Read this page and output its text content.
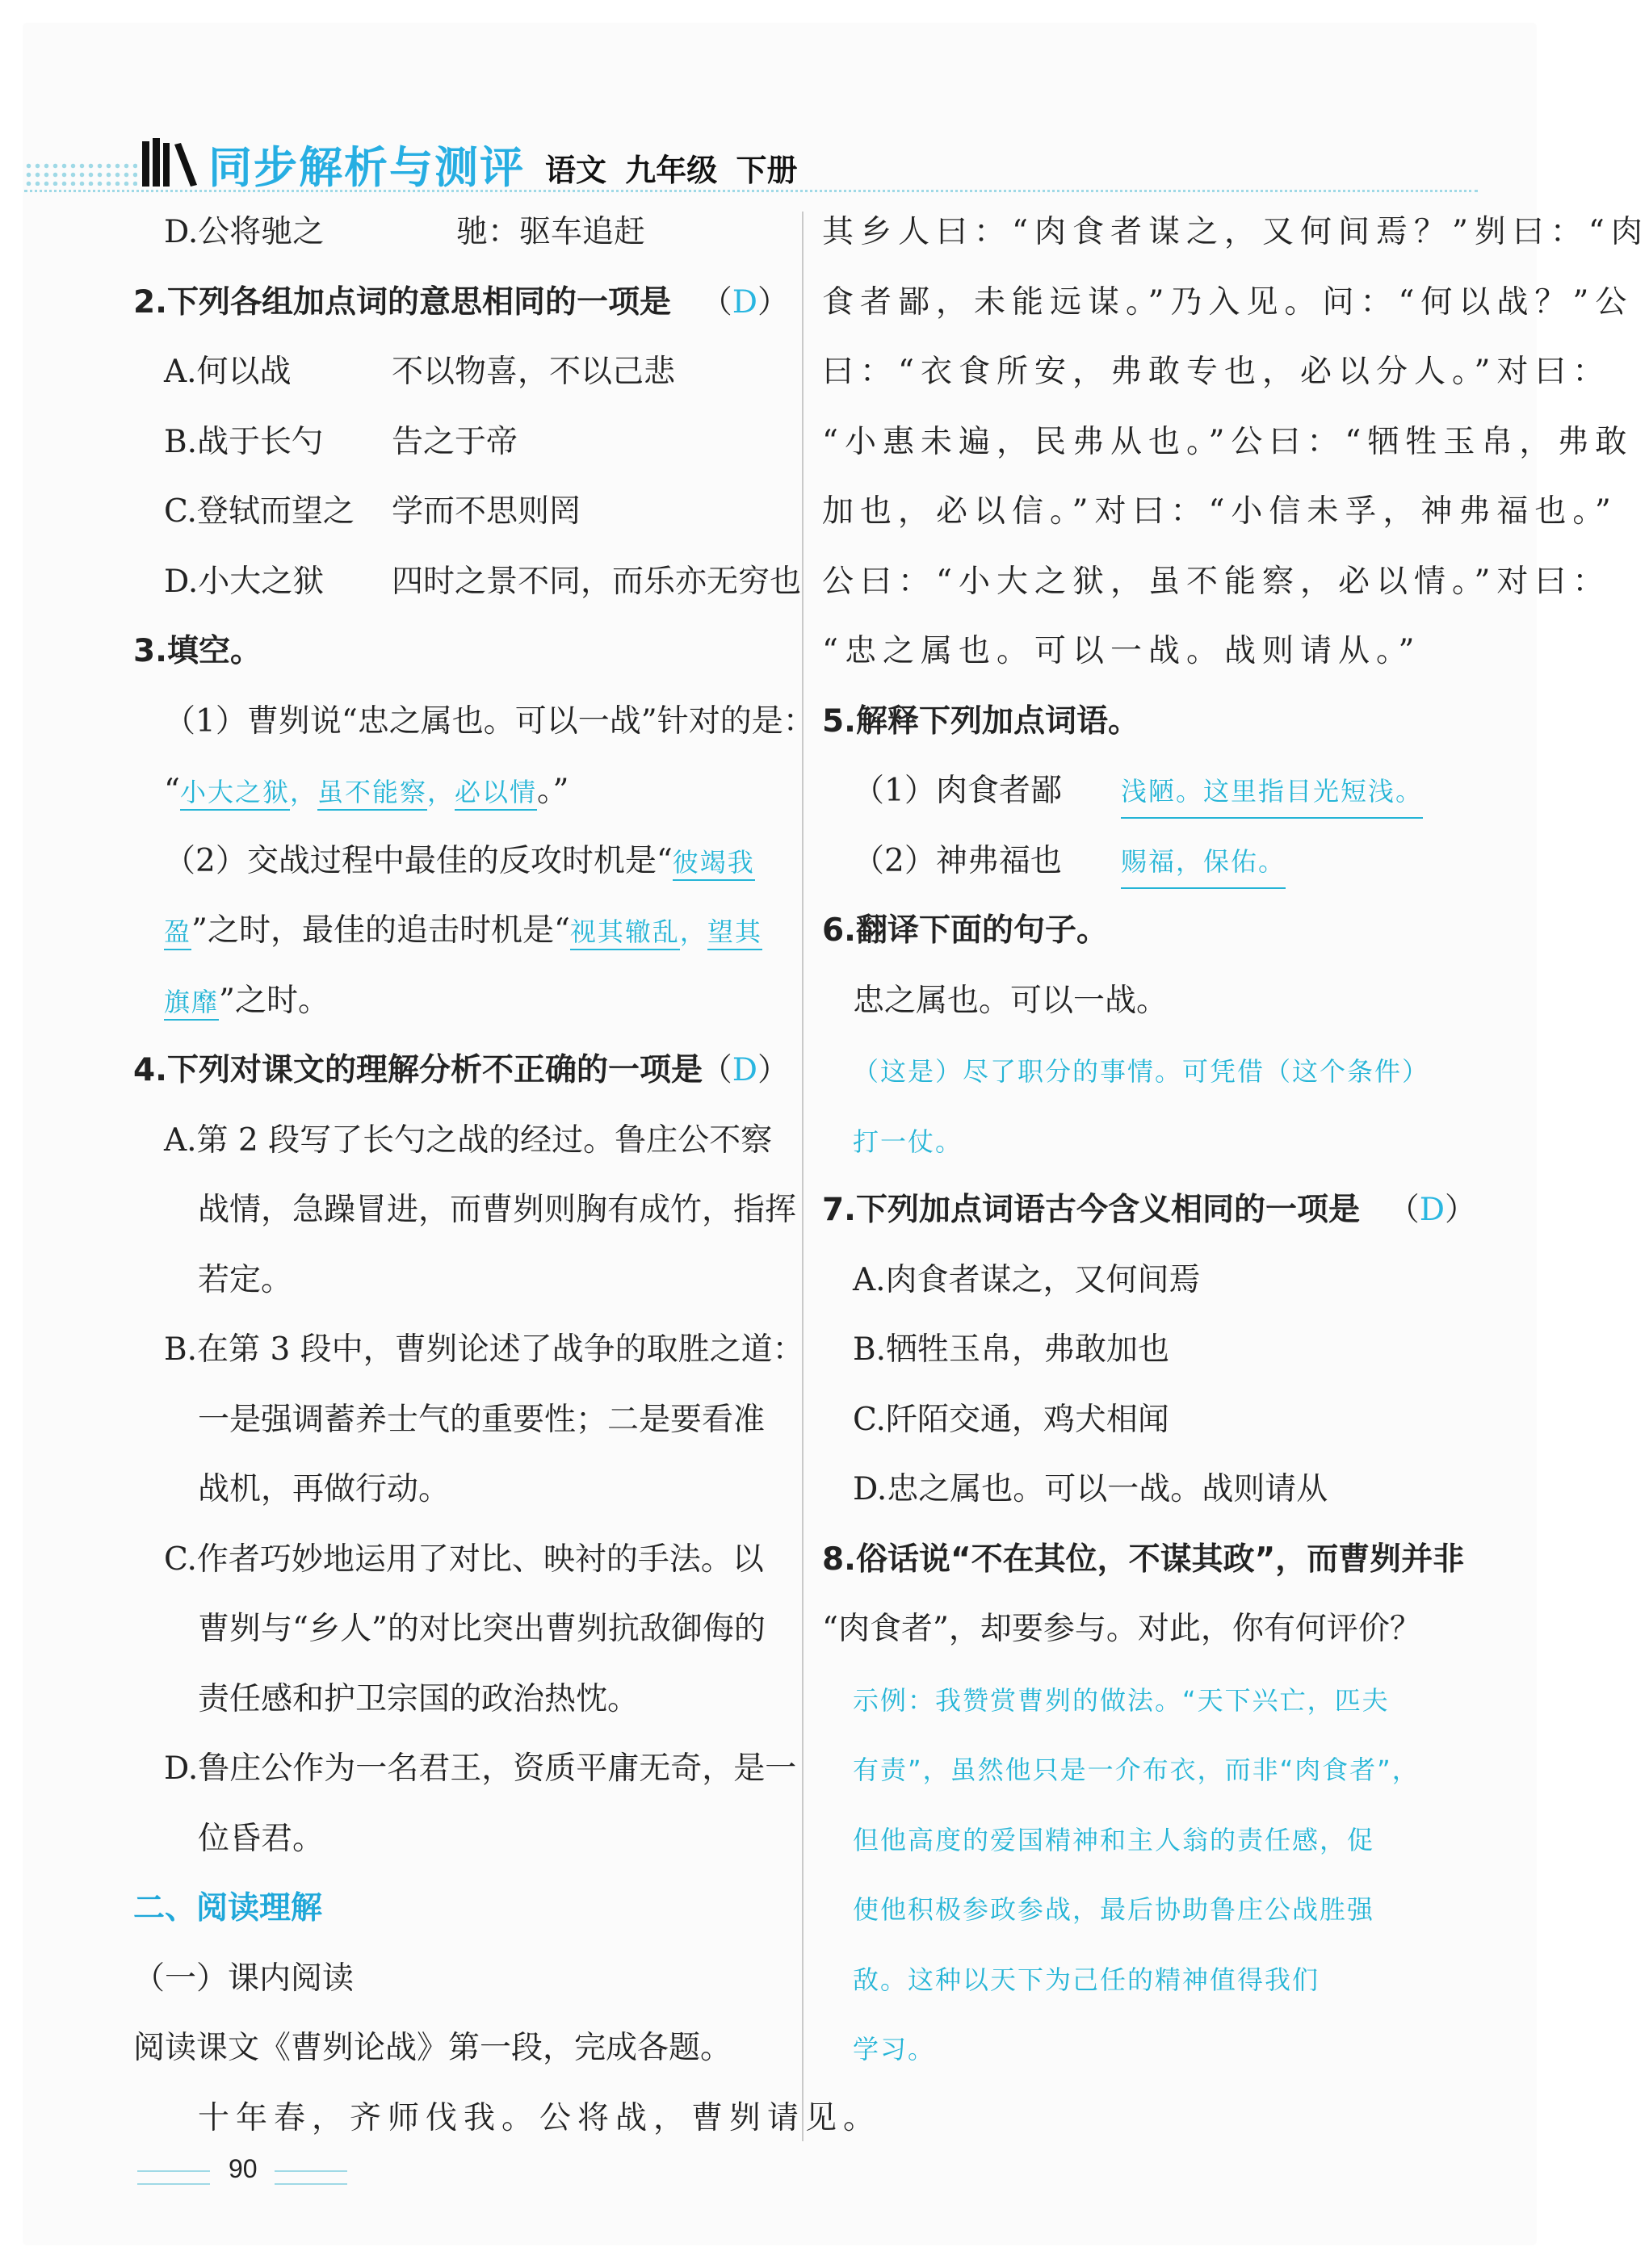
同步解析与测评 语文 九年级 下册
D.公将驰之	驰：驱车追赶
2.下列各组加点词的意思相同的一项是 （D）
A.何以战	不以物喜，不以己悲
B.战于长勺 告之于帝
C.登轼而望之 学而不思则罔
D.小大之狱 四时之景不同，而乐亦无穷也
3.填空。
（1）曹刿说“忠之属也。可以一战”针对的是：
“小大之狱，虽不能察，必以情。”
（2）交战过程中最佳的反攻时机是“彼竭我
盈”之时，最佳的追击时机是“视其辙乱，望其
旗靡”之时。
4.下列对课文的理解分析不正确的一项是
（D）
A.第 2 段写了长勺之战的经过。鲁庄公不察
战情，急躁冒进，而曹刿则胸有成竹，指挥
若定。
B.在第 3 段中，曹刿论述了战争的取胜之道：
一是强调蓄养士气的重要性；二是要看准
战机，再做行动。
C.作者巧妙地运用了对比、映衬的手法。以
曹刿与“乡人”的对比突出曹刿抗敌御侮的
责任感和护卫宗国的政治热忱。
D.鲁庄公作为一名君王，资质平庸无奇，是一
位昏君。
二、阅读理解
（一）课内阅读
阅读课文《曹刿论战》第一段，完成各题。
十年春，齐师伐我。公将战，曹刿请见。
其乡人曰：“肉食者谋之，又何间焉？”刿曰：“肉
食者鄙，未能远谋。”乃入见。问：“何以战？”公
曰：“衣食所安，弗敢专也，必以分人。”对曰：
“小惠未遍，民弗从也。”公曰：“牺牲玉帛，弗敢
加也，必以信。”对曰：“小信未孚，神弗福也。”
公曰：“小大之狱，虽不能察，必以情。”对曰：
“忠之属也。可以一战。战则请从。”
5.解释下列加点词语。
（1）肉食者鄙 浅陋。这里指目光短浅。
（2）神弗福也 赐福，保佑。
6.翻译下面的句子。
忠之属也。可以一战。
（这是）尽了职分的事情。可凭借（这个条件）
打一仗。
7.下列加点词语古今含义相同的一项是 （D）
A.肉食者谋之，又何间焉
B.牺牲玉帛，弗敢加也
C.阡陌交通，鸡犬相闻
D.忠之属也。可以一战。战则请从
8.俗话说“不在其位，不谋其政”，而曹刿并非
“肉食者”，却要参与。对此，你有何评价？
示例：我赞赏曹刿的做法。“天下兴亡，匹夫
有责”，虽然他只是一介布衣，而非“肉食者”，
但他高度的爱国精神和主人翁的责任感，促
使他积极参政参战，最后协助鲁庄公战胜强
敌。这种以天下为己任的精神值得我们
学习。
90
